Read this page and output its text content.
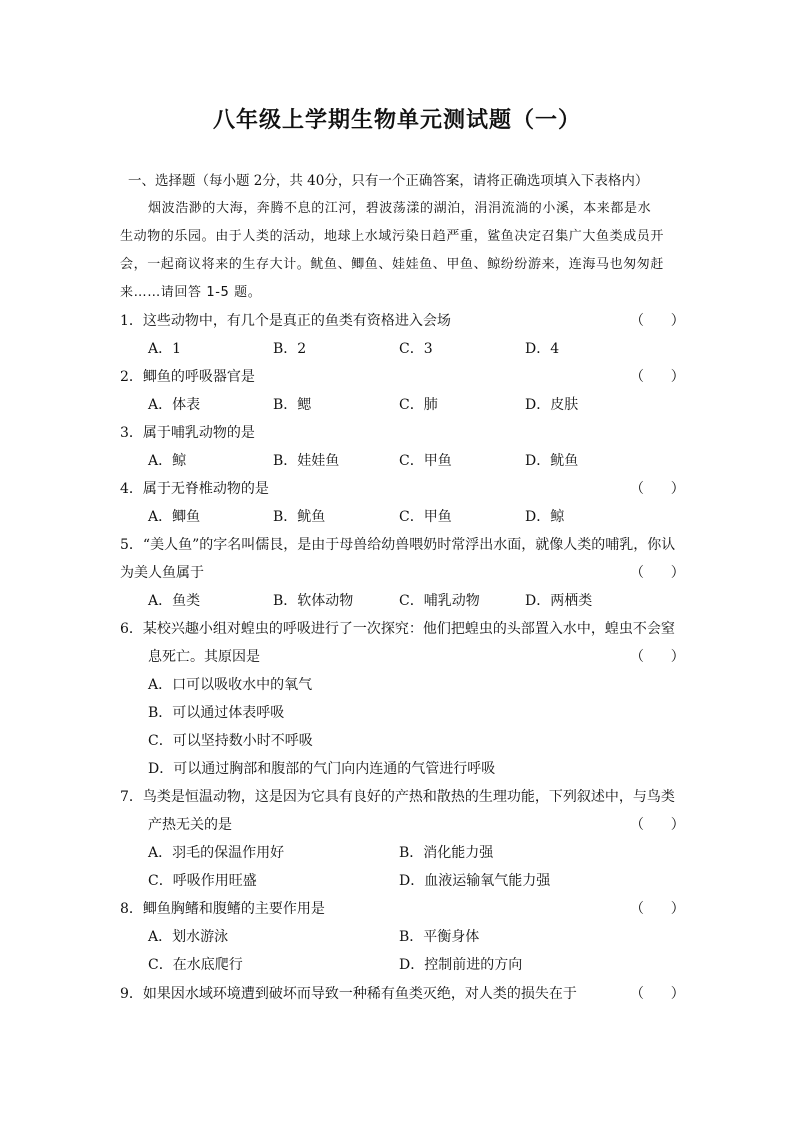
八年级上学期生物单元测试题（一）
一、选择题（每小题 2分，共 40分，只有一个正确答案，请将正确选项填入下表格内）
烟波浩渺的大海，奔腾不息的江河，碧波荡漾的湖泊，涓涓流淌的小溪，本来都是水
生动物的乐园。由于人类的活动，地球上水域污染日趋严重，鲨鱼决定召集广大鱼类成员开
会，一起商议将来的生存大计。鱿鱼、鲫鱼、娃娃鱼、甲鱼、鲸纷纷游来，连海马也匆匆赶
来……请回答 1-5 题。
1．这些动物中，有几个是真正的鱼类有资格进入会场	（      ）
A．1	B．2	C．3	D．4
2．鲫鱼的呼吸器官是	（      ）
A．体表	B．鳃	C．肺	D．皮肤
3．属于哺乳动物的是
A．鲸	B．娃娃鱼	C．甲鱼	D．鱿鱼
4．属于无脊椎动物的是	（      ）
A．鲫鱼	B．鱿鱼	C．甲鱼	D．鲸
5．“美人鱼”的字名叫儒艮，是由于母兽给幼兽喂奶时常浮出水面，就像人类的哺乳，你认
为美人鱼属于	（      ）
A．鱼类	B．软体动物	C．哺乳动物	D．两栖类
6．某校兴趣小组对蝗虫的呼吸进行了一次探究：他们把蝗虫的头部置入水中，蝗虫不会窒
息死亡。其原因是	（      ）
A．口可以吸收水中的氧气
B．可以通过体表呼吸
C．可以坚持数小时不呼吸
D．可以通过胸部和腹部的气门向内连通的气管进行呼吸
7．鸟类是恒温动物，这是因为它具有良好的产热和散热的生理功能，下列叙述中，与鸟类
产热无关的是	（      ）
A．羽毛的保温作用好	B．消化能力强
C．呼吸作用旺盛	D．血液运输氧气能力强
8．鲫鱼胸鳍和腹鳍的主要作用是	（      ）
A．划水游泳	B．平衡身体
C．在水底爬行	D．控制前进的方向
9．如果因水域环境遭到破坏而导致一种稀有鱼类灭绝，对人类的损失在于	（      ）
